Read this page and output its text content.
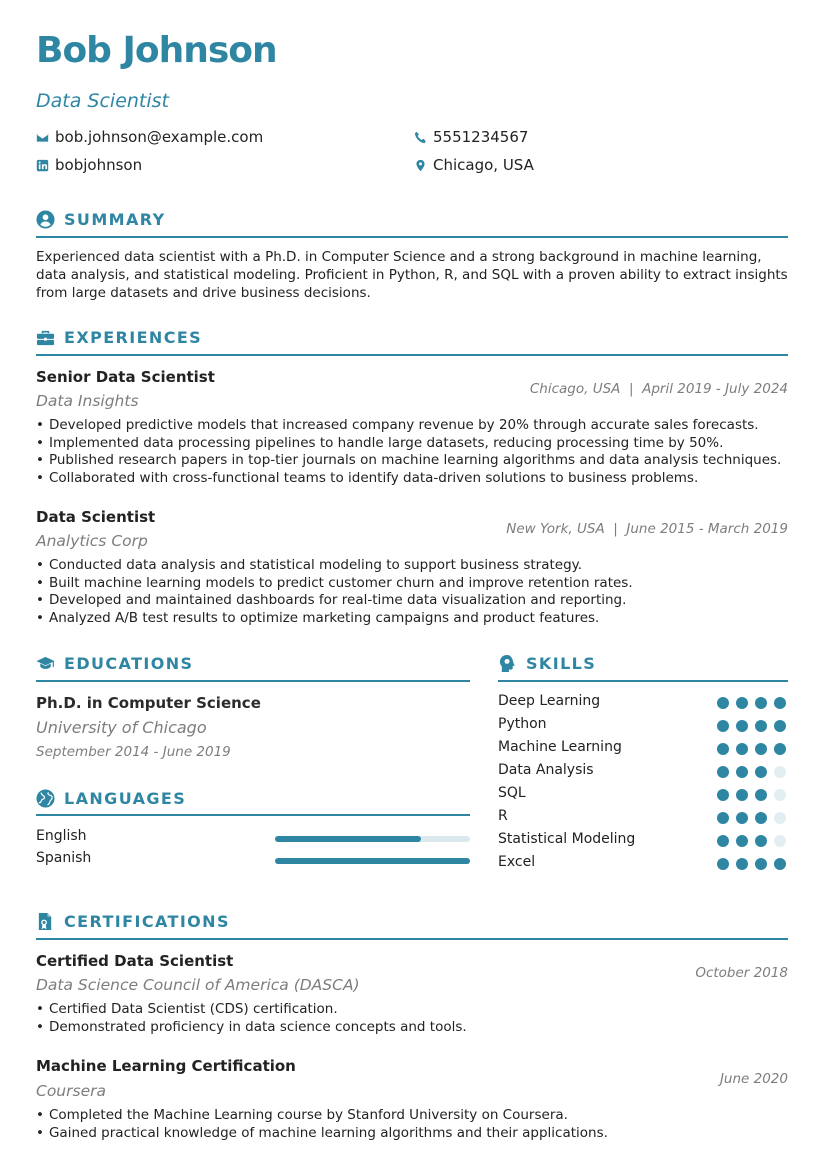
Bob Johnson
Data Scientist
bob.johnson@example.com	5551234567
bobjohnson	Chicago, USA
SUMMARY
Experienced data scientist with a Ph.D. in Computer Science and a strong background in machine learning, data analysis, and statistical modeling. Proficient in Python, R, and SQL with a proven ability to extract insights from large datasets and drive business decisions.
EXPERIENCES
Senior Data Scientist
Data Insights
Chicago, USA  |  April 2019 - July 2024
• Developed predictive models that increased company revenue by 20% through accurate sales forecasts.
• Implemented data processing pipelines to handle large datasets, reducing processing time by 50%.
• Published research papers in top-tier journals on machine learning algorithms and data analysis techniques.
• Collaborated with cross-functional teams to identify data-driven solutions to business problems.
Data Scientist
Analytics Corp
New York, USA  |  June 2015 - March 2019
• Conducted data analysis and statistical modeling to support business strategy.
• Built machine learning models to predict customer churn and improve retention rates.
• Developed and maintained dashboards for real-time data visualization and reporting.
• Analyzed A/B test results to optimize marketing campaigns and product features.
EDUCATIONS
Ph.D. in Computer Science
University of Chicago
September 2014 - June 2019
LANGUAGES
English
Spanish
SKILLS
Deep Learning
Python
Machine Learning
Data Analysis
SQL
R
Statistical Modeling
Excel
CERTIFICATIONS
Certified Data Scientist
Data Science Council of America (DASCA)
October 2018
• Certified Data Scientist (CDS) certification.
• Demonstrated proficiency in data science concepts and tools.
Machine Learning Certification
Coursera
June 2020
• Completed the Machine Learning course by Stanford University on Coursera.
• Gained practical knowledge of machine learning algorithms and their applications.
